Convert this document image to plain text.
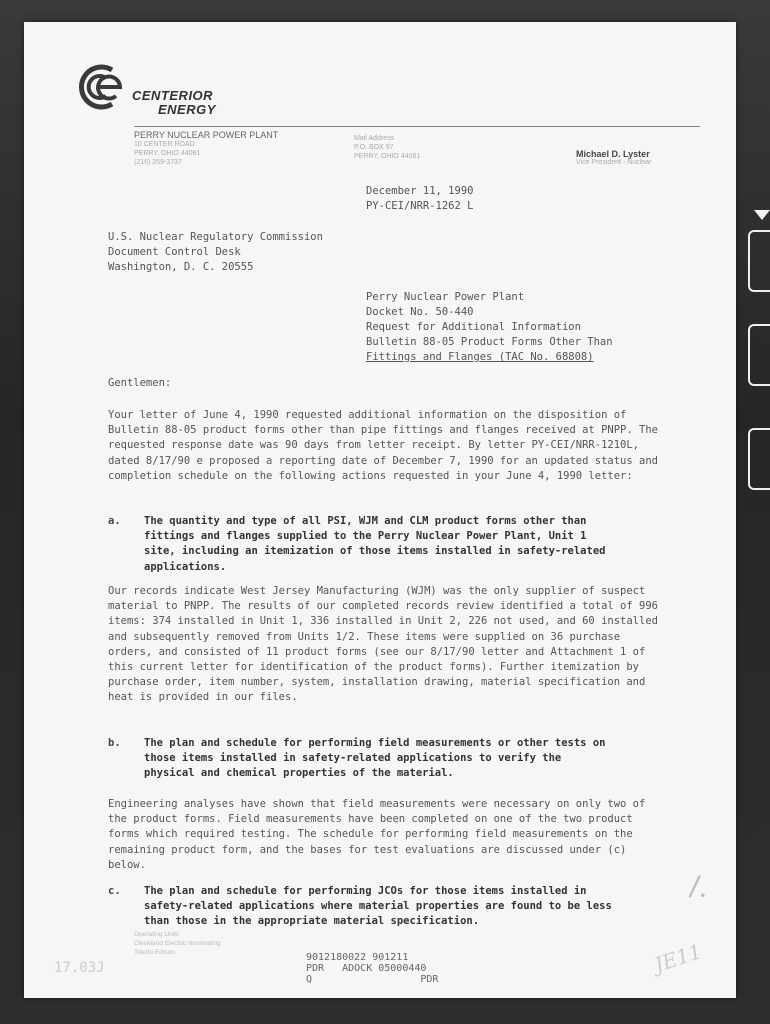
CENTERIOR
ENERGY
PERRY NUCLEAR POWER PLANT
10 CENTER ROAD
PERRY, OHIO 44081
(216) 259-3737
Mail Address
P.O. BOX 97
PERRY, OHIO 44081	Michael D. Lyster
Vice President - Nuclear
December 11, 1990
PY-CEI/NRR-1262 L
U.S. Nuclear Regulatory Commission
Document Control Desk
Washington, D. C. 20555
Perry Nuclear Power Plant
Docket No. 50-440
Request for Additional Information
Bulletin 88-05 Product Forms Other Than
Fittings and Flanges (TAC No. 68808)
Gentlemen:
Your letter of June 4, 1990 requested additional information on the disposition of Bulletin 88-05 product forms other than pipe fittings and flanges received at PNPP. The requested response date was 90 days from letter receipt. By letter PY-CEI/NRR-1210L, dated 8/17/90 e proposed a reporting date of December 7, 1990 for an updated status and completion schedule on the following actions requested in your June 4, 1990 letter:
a. The quantity and type of all PSI, WJM and CLM product forms other than fittings and flanges supplied to the Perry Nuclear Power Plant, Unit 1 site, including an itemization of those items installed in safety-related applications.
Our records indicate West Jersey Manufacturing (WJM) was the only supplier of suspect material to PNPP. The results of our completed records review identified a total of 996 items: 374 installed in Unit 1, 336 installed in Unit 2, 226 not used, and 60 installed and subsequently removed from Units 1/2. These items were supplied on 36 purchase orders, and consisted of 11 product forms (see our 8/17/90 letter and Attachment 1 of this current letter for identification of the product forms). Further itemization by purchase order, item number, system, installation drawing, material specification and heat is provided in our files.
b. The plan and schedule for performing field measurements or other tests on those items installed in safety-related applications to verify the physical and chemical properties of the material.
Engineering analyses have shown that field measurements were necessary on only two of the product forms. Field measurements have been completed on one of the two product forms which required testing. The schedule for performing field measurements on the remaining product form, and the bases for test evaluations are discussed under (c) below.
c. The plan and schedule for performing JCOs for those items installed in safety-related applications where material properties are found to be less than those in the appropriate material specification.
Operating Units
Cleveland Electric Illuminating
Toledo Edison	9012180022 901211
PDR   ADOCK 05000440
Q                  PDR
17.03J	JE11
/.
